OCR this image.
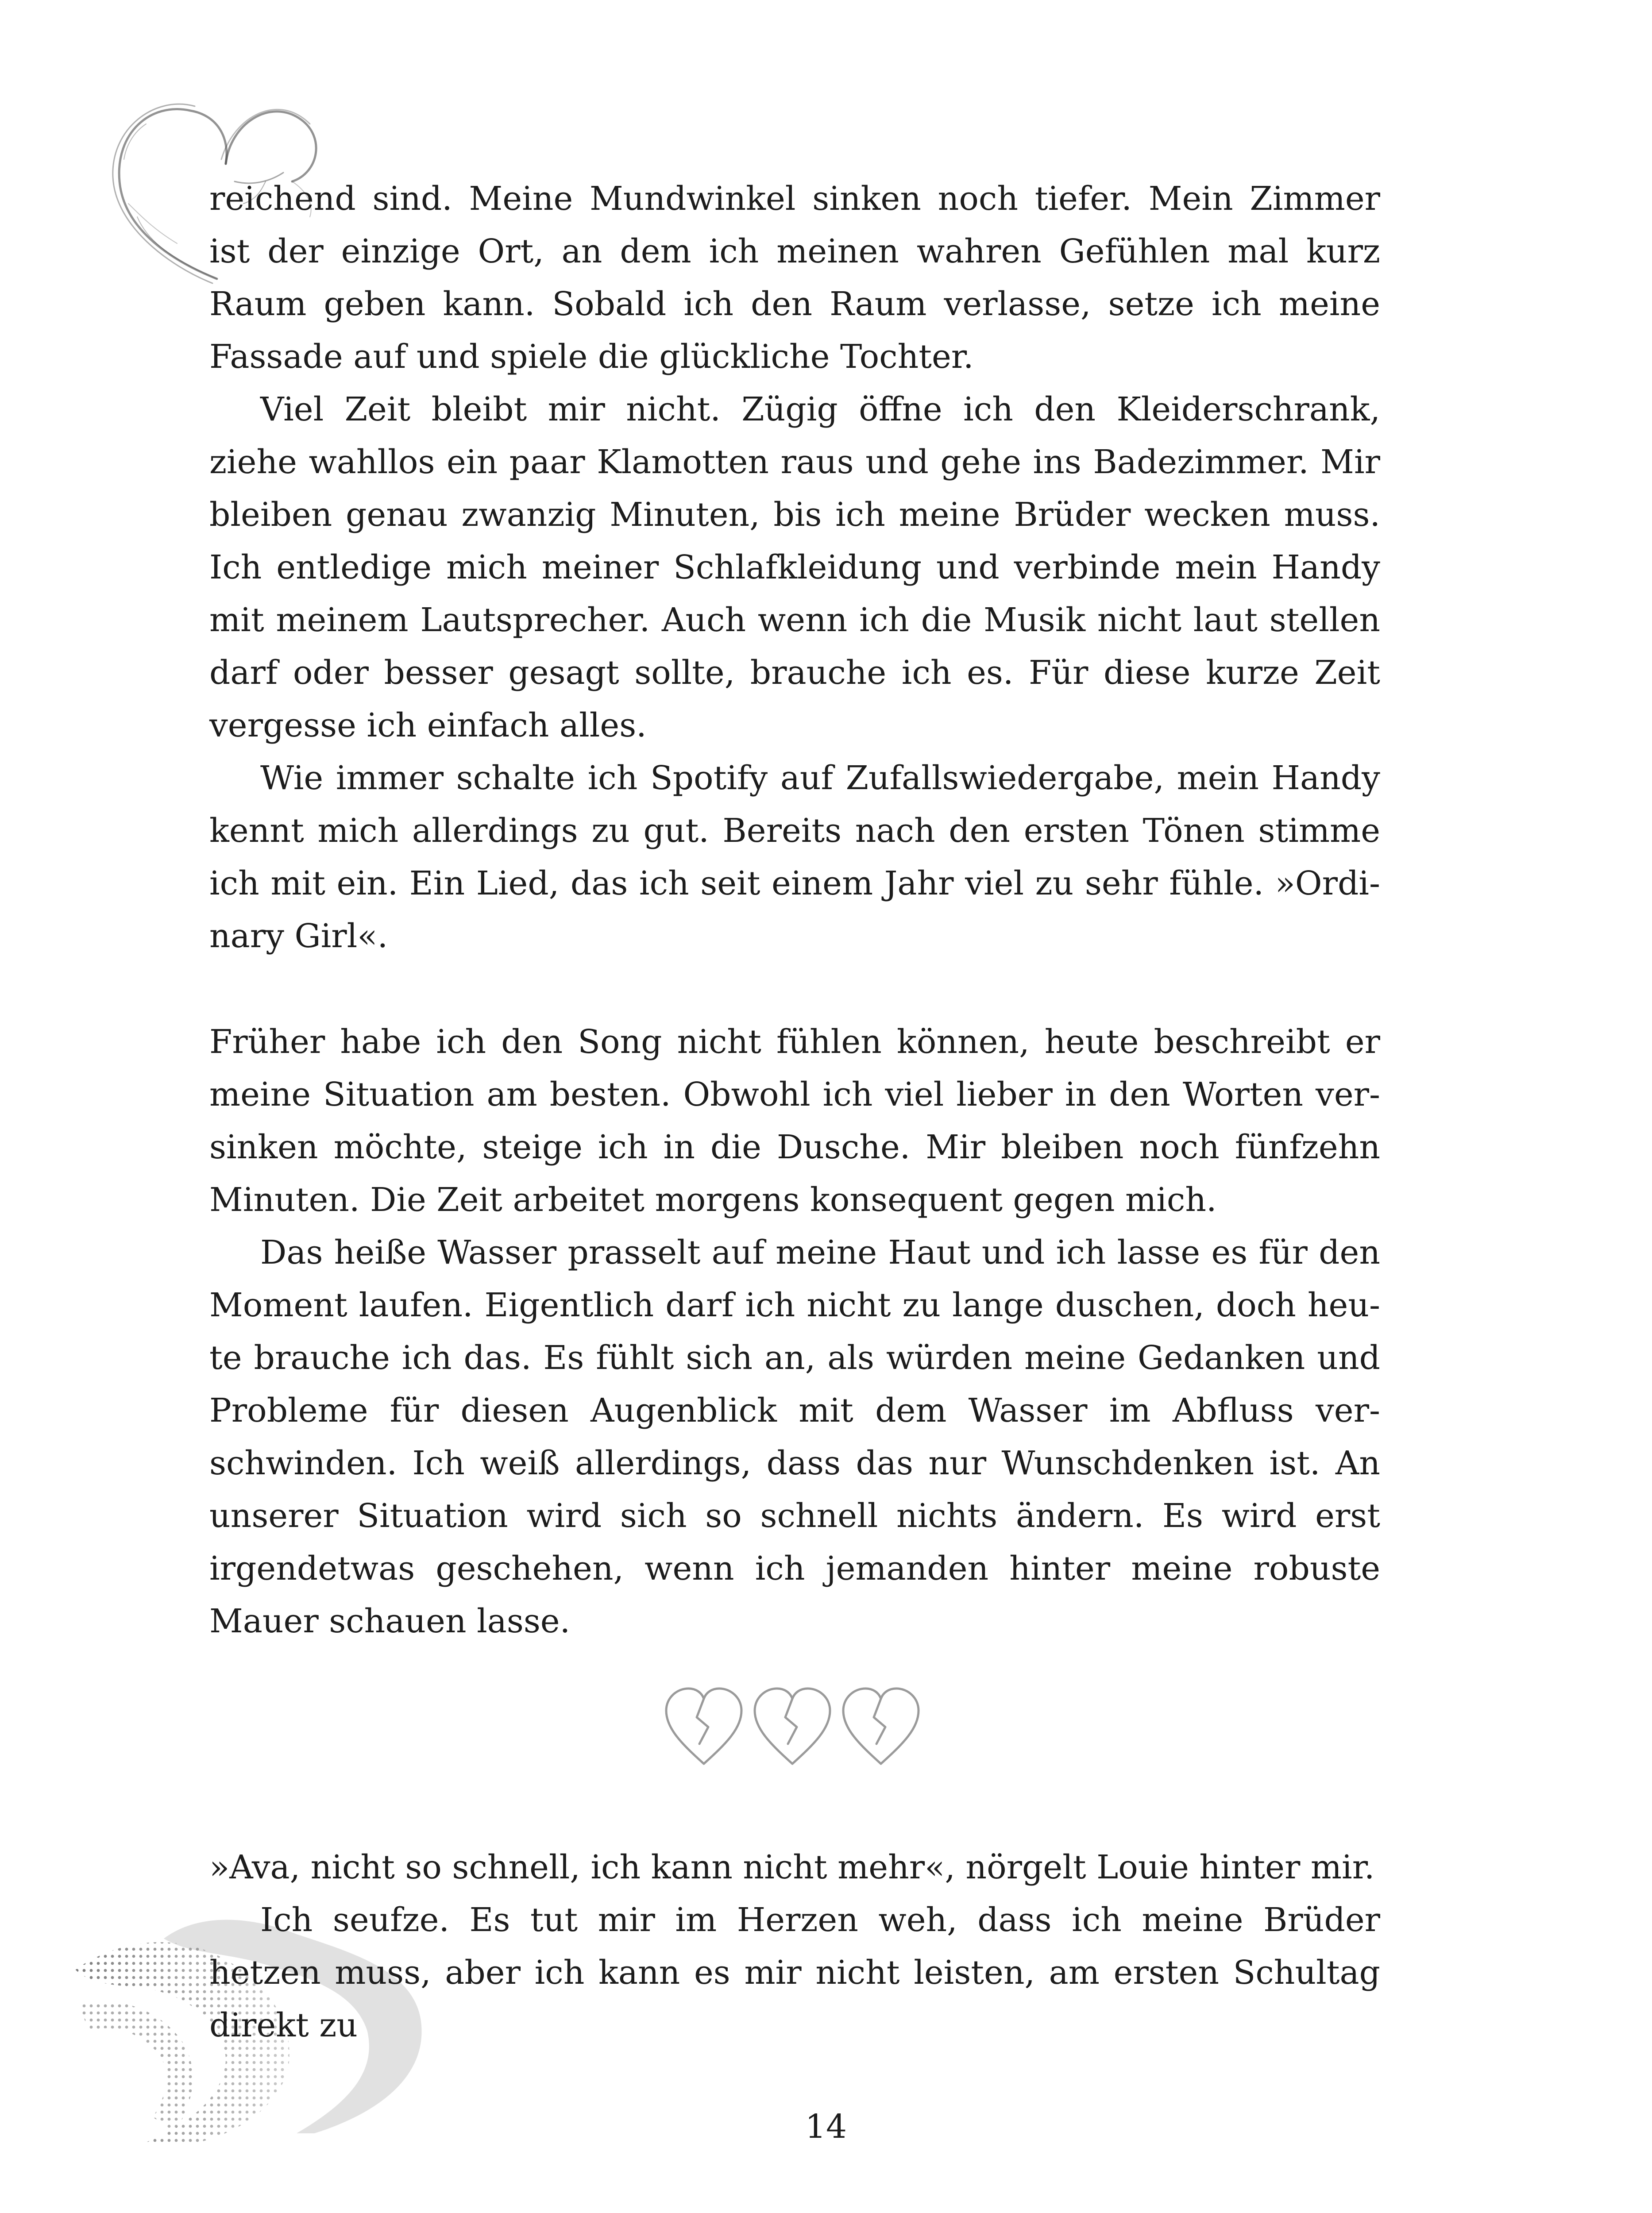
reichend sind. Meine Mundwinkel sinken noch tiefer. Mein Zimmer ist der einzige Ort, an dem ich meinen wahren Gefühlen mal kurz Raum geben kann. Sobald ich den Raum verlasse, setze ich meine Fassade auf und spiele die glückliche Tochter.

Viel Zeit bleibt mir nicht. Zügig öffne ich den Kleiderschrank, ziehe wahllos ein paar Klamotten raus und gehe ins Badezimmer. Mir bleiben genau zwanzig Minuten, bis ich meine Brüder wecken muss. Ich entledige mich meiner Schlafkleidung und verbinde mein Handy mit meinem Lautsprecher. Auch wenn ich die Musik nicht laut stellen darf oder besser gesagt sollte, brauche ich es. Für diese kurze Zeit vergesse ich einfach alles.

Wie immer schalte ich Spotify auf Zufallswiedergabe, mein Handy kennt mich allerdings zu gut. Bereits nach den ersten Tönen stimme ich mit ein. Ein Lied, das ich seit einem Jahr viel zu sehr fühle. »Ordinary Girl«.

Früher habe ich den Song nicht fühlen können, heute beschreibt er meine Situation am besten. Obwohl ich viel lieber in den Worten versinken möchte, steige ich in die Dusche. Mir bleiben noch fünfzehn Minuten. Die Zeit arbeitet morgens konsequent gegen mich.

Das heiße Wasser prasselt auf meine Haut und ich lasse es für den Moment laufen. Eigentlich darf ich nicht zu lange duschen, doch heute brauche ich das. Es fühlt sich an, als würden meine Gedanken und Probleme für diesen Augenblick mit dem Wasser im Abfluss verschwinden. Ich weiß allerdings, dass das nur Wunschdenken ist. An unserer Situation wird sich so schnell nichts ändern. Es wird erst irgendetwas geschehen, wenn ich jemanden hinter meine robuste Mauer schauen lasse.

»Ava, nicht so schnell, ich kann nicht mehr«, nörgelt Louie hinter mir.

Ich seufze. Es tut mir im Herzen weh, dass ich meine Brüder hetzen muss, aber ich kann es mir nicht leisten, am ersten Schultag direkt zu

14
